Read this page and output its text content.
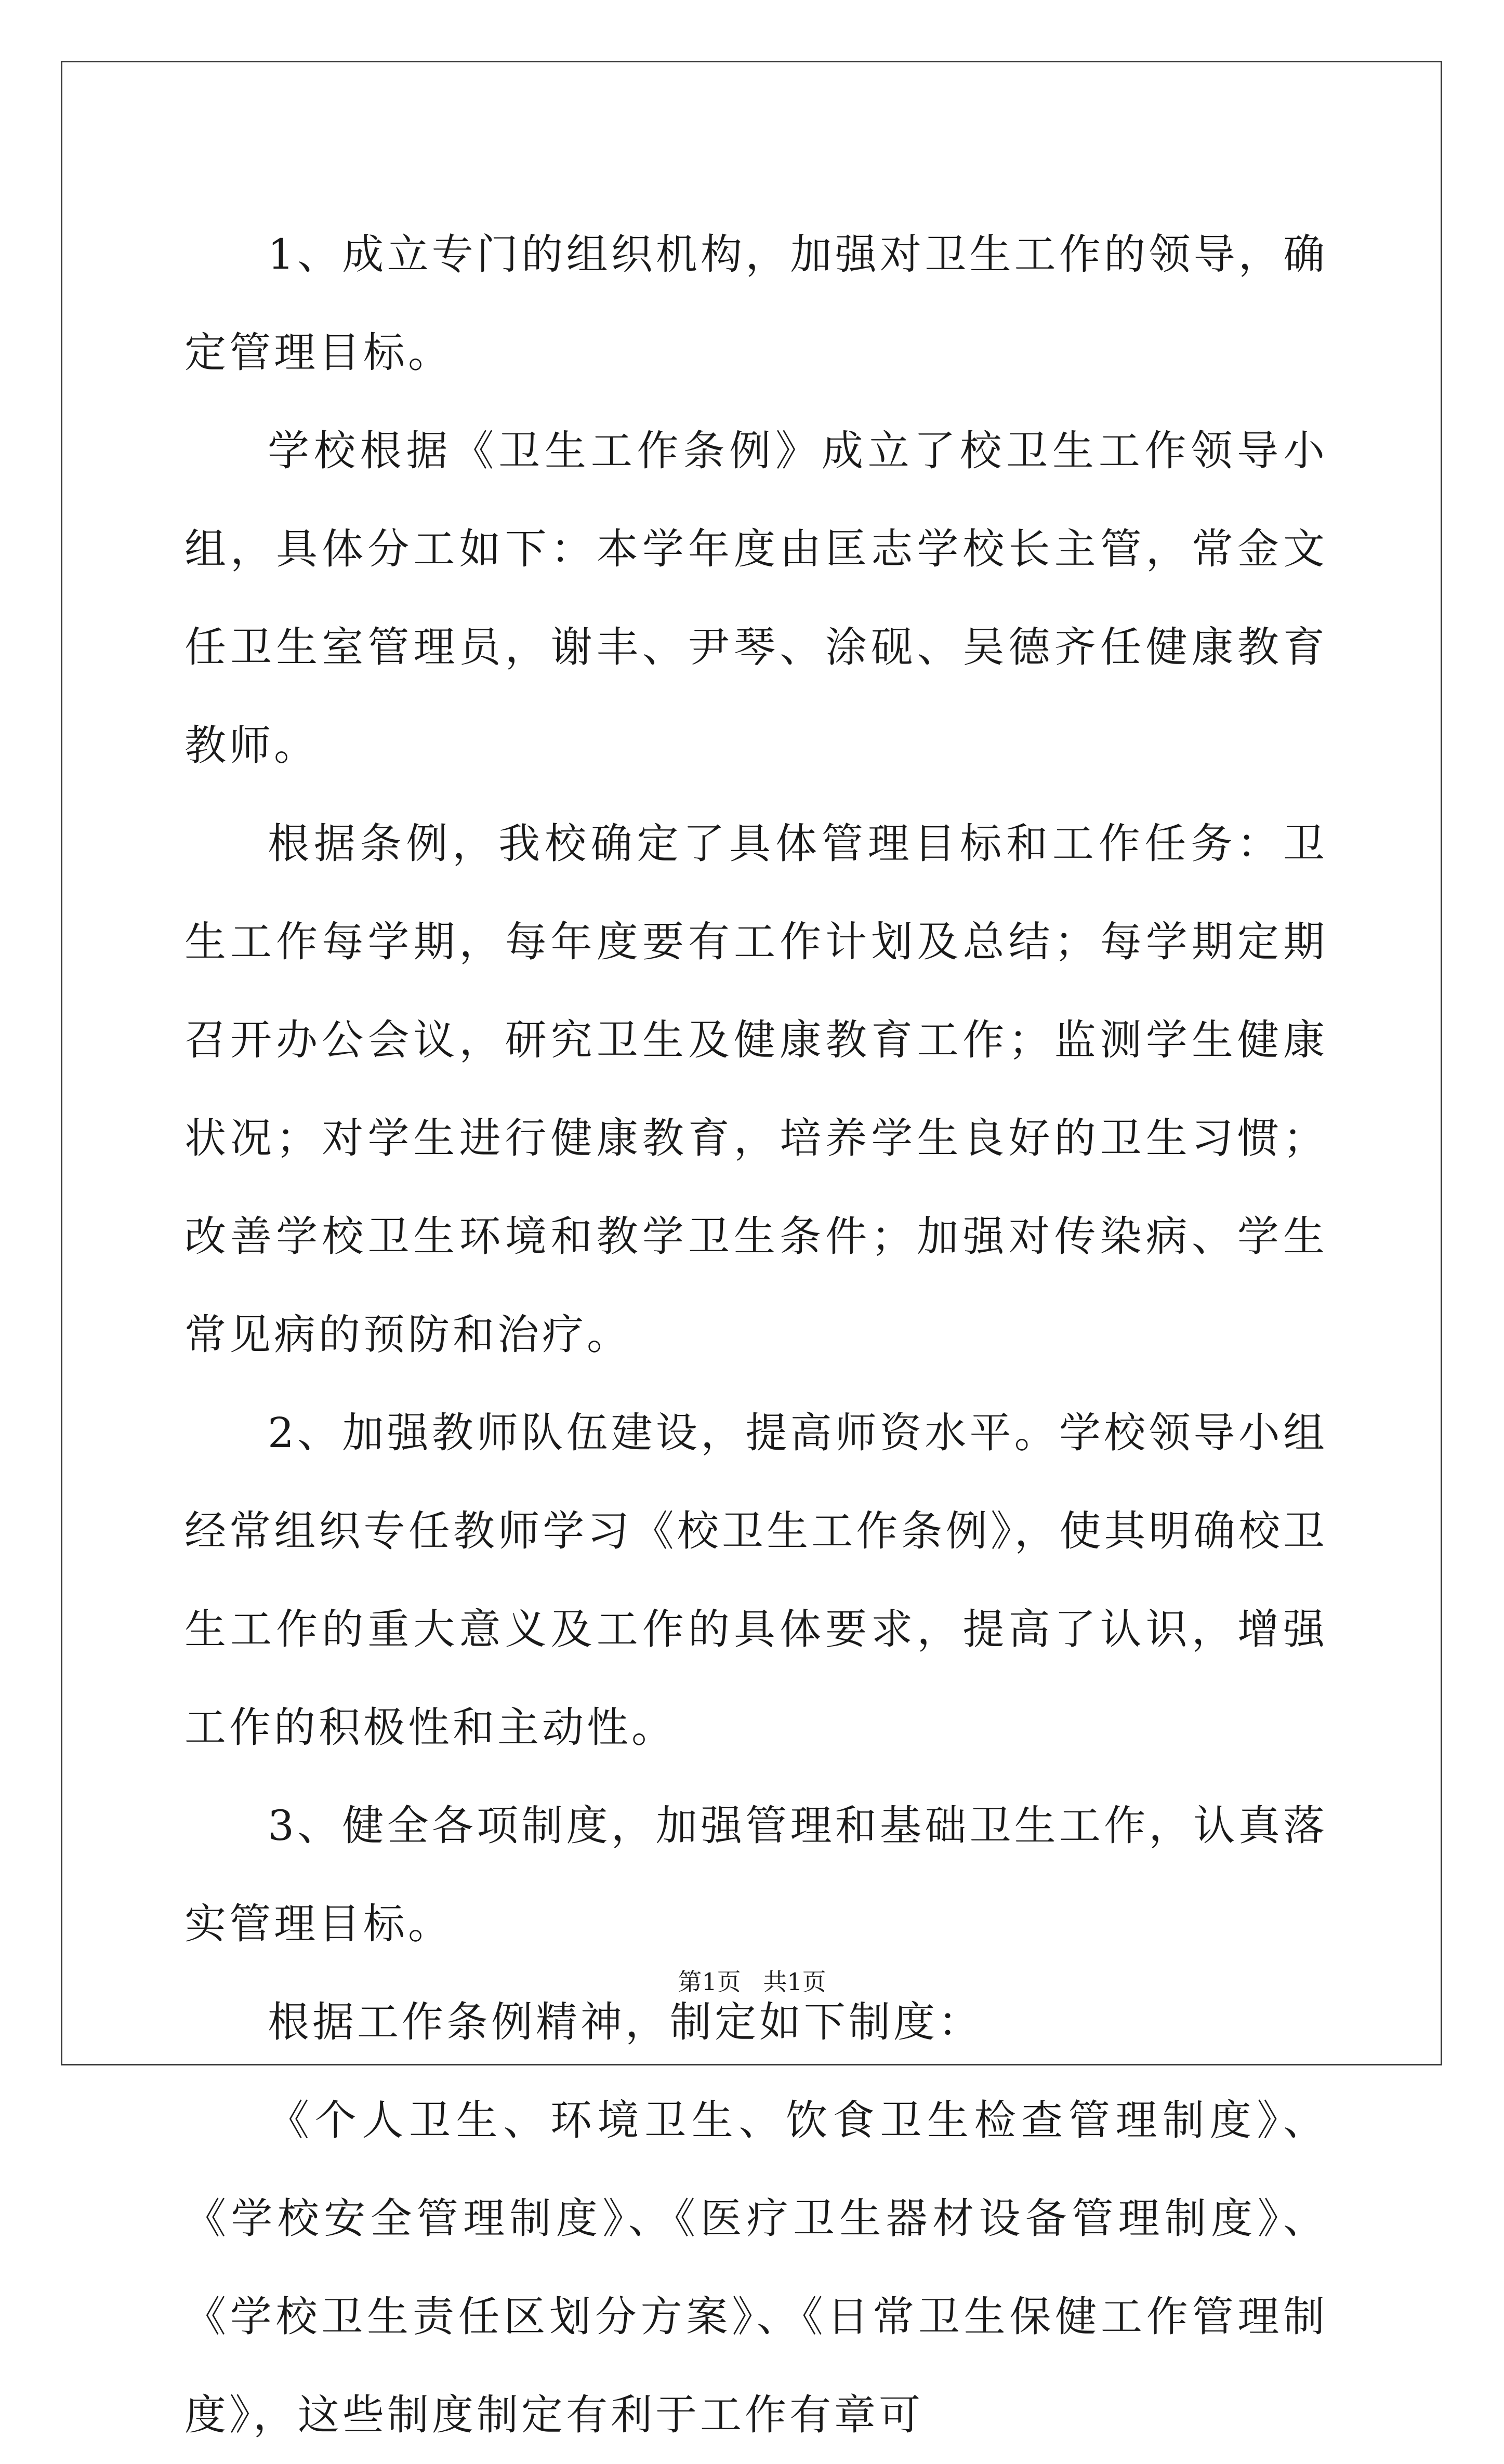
1、成立专门的组织机构，加强对卫生工作的领导，确定管理目标。

学校根据《卫生工作条例》成立了校卫生工作领导小组，具体分工如下：本学年度由匡志学校长主管，常金文任卫生室管理员，谢丰、尹琴、涂砚、吴德齐任健康教育教师。

根据条例，我校确定了具体管理目标和工作任务：卫生工作每学期，每年度要有工作计划及总结；每学期定期召开办公会议，研究卫生及健康教育工作；监测学生健康状况；对学生进行健康教育，培养学生良好的卫生习惯；改善学校卫生环境和教学卫生条件；加强对传染病、学生常见病的预防和治疗。

2、加强教师队伍建设，提高师资水平。学校领导小组经常组织专任教师学习《校卫生工作条例》，使其明确校卫生工作的重大意义及工作的具体要求，提高了认识，增强工作的积极性和主动性。

3、健全各项制度，加强管理和基础卫生工作，认真落实管理目标。

根据工作条例精神，制定如下制度：

《个人卫生、环境卫生、饮食卫生检查管理制度》、《学校安全管理制度》、《医疗卫生器材设备管理制度》、《学校卫生责任区划分方案》、《日常卫生保健工作管理制度》，这些制度制定有利于工作有章可

第1页 共1页
